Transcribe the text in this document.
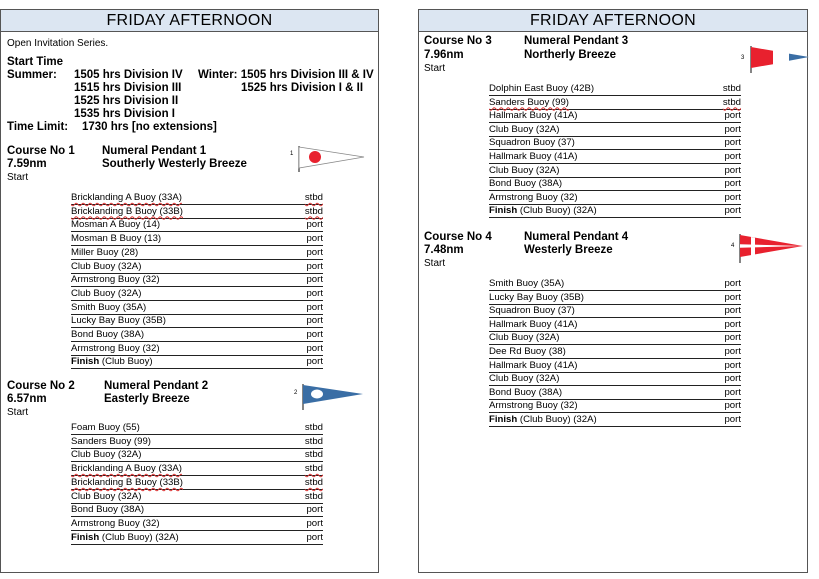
FRIDAY AFTERNOON
Open Invitation Series.
Start Time
Summer: 1505 hrs Division IV
1515 hrs Division III
1525 hrs Division II
1535 hrs Division I
Winter: 1505 hrs Division III & IV
1525 hrs Division I & II
Time Limit: 1730 hrs [no extensions]
Course No 1 Numeral Pendant 1
7.59nm	Southerly Westerly Breeze
Start
1
Bricklanding A Buoy (33A)	stbd
Bricklanding B Buoy (33B)	stbd
Mosman A Buoy (14)	port
Mosman B Buoy (13)	port
Miller Buoy (28)	port
Club Buoy (32A)	port
Armstrong Buoy (32)	port
Club Buoy (32A)	port
Smith Buoy (35A)	port
Lucky Bay Buoy (35B)	port
Bond Buoy (38A)	port
Armstrong Buoy (32)	port
Finish (Club Buoy)	port
Course No 2	Numeral Pendant 2
6.57nm	Easterly Breeze
Start
2
Foam Buoy (55)	stbd
Sanders Buoy (99)	stbd
Club Buoy (32A)	stbd
Bricklanding A Buoy (33A)	stbd
Bricklanding B Buoy (33B)	stbd
Club Buoy (32A)	stbd
Bond Buoy (38A)	port
Armstrong Buoy (32)	port
Finish (Club Buoy) (32A)	port
FRIDAY AFTERNOON
Course No 3	Numeral Pendant 3
7.96nm	Northerly Breeze
Start
3
Dolphin East Buoy (42B)	stbd
Sanders Buoy (99)	stbd
Hallmark Buoy (41A)	port
Club Buoy (32A)	port
Squadron Buoy (37)	port
Hallmark Buoy (41A)	port
Club Buoy (32A)	port
Bond Buoy (38A)	port
Armstrong Buoy (32)	port
Finish (Club Buoy) (32A)	port
Course No 4	Numeral Pendant 4
7.48nm	Westerly Breeze
Start
4
Smith Buoy (35A)	port
Lucky Bay Buoy (35B)	port
Squadron Buoy (37)	port
Hallmark Buoy (41A)	port
Club Buoy (32A)	port
Dee Rd Buoy (38)	port
Hallmark Buoy (41A)	port
Club Buoy (32A)	port
Bond Buoy (38A)	port
Armstrong Buoy (32)	port
Finish (Club Buoy) (32A)	port
